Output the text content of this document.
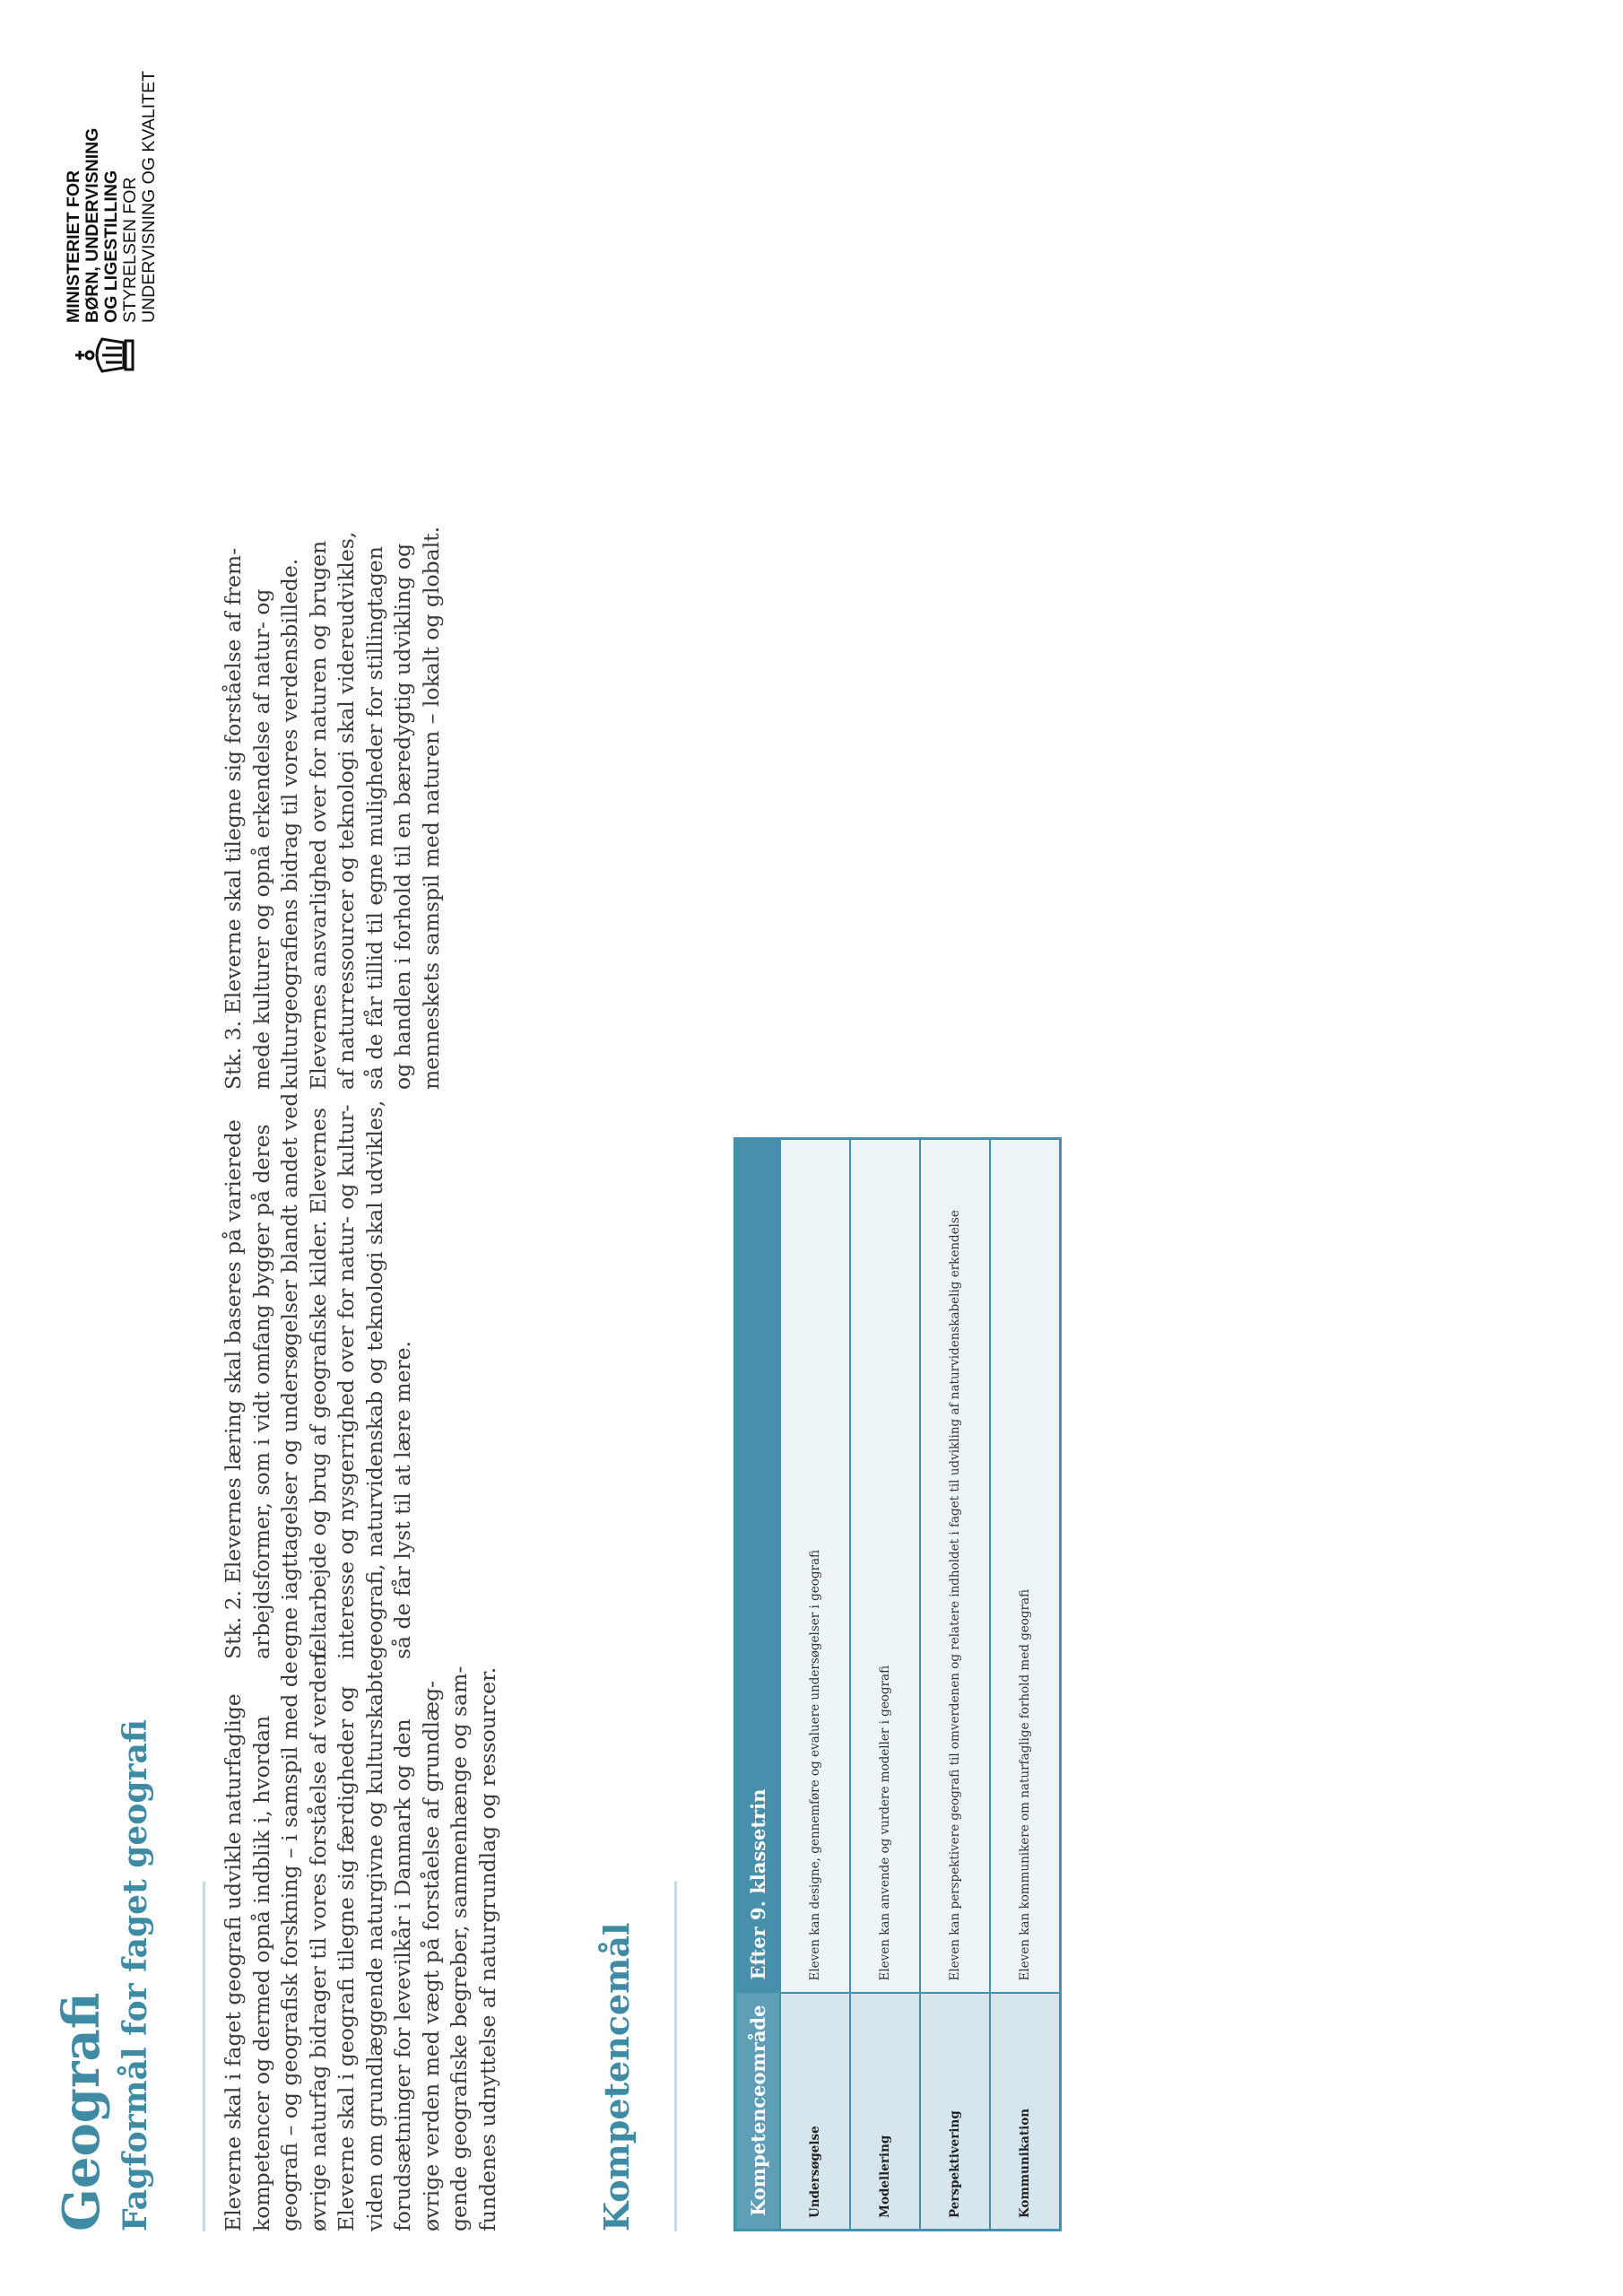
Geografi Fagformål for faget geografi	Eleverne skal i faget geografi udvikle naturfaglige kompetencer og dermed opnå indblik i, hvordan geografi – og geografisk forskning – i samspil med de øvrige naturfag bidrager til vores forståelse af verden. Eleverne skal i geografi tilegne sig færdigheder og viden om grundlæggende naturgivne og kulturskabte forudsætninger for levevilkår i Danmark og den øvrige verden med vægt på forståelse af grundlæg- gende geografiske begreber, sammenhænge og sam- fundenes udnyttelse af naturgrundlag og ressourcer.
Stk. 2. Elevernes læring skal baseres på varierede arbejdsformer, som i vidt omfang bygger på deres egne iagttagelser og undersøgelser blandt andet ved feltarbejde og brug af geografiske kilder. Elevernes interesse og nysgerrighed over for natur- og kultur- geografi, naturvidenskab og teknologi skal udvikles, så de får lyst til at lære mere.
Stk. 3. Eleverne skal tilegne sig forståelse af frem- mede kulturer og opnå erkendelse af natur- og kulturgeografiens bidrag til vores verdensbillede. Elevernes ansvarlighed over for naturen og brugen af naturressourcer og teknologi skal videreudvikles, så de får tillid til egne muligheder for stillingtagen og handlen i forhold til en bæredygtig udvikling og menneskets samspil med naturen – lokalt og globalt.
Kompetencemål	Kompetenceområde	Efter 9. klassetrin
Undersøgelse	Eleven kan designe, gennemføre og evaluere undersøgelser i geografi
Modellering	Eleven kan anvende og vurdere modeller i geografi
Perspektivering	Eleven kan perspektivere geografi til omverdenen og relatere indholdet i faget til udvikling af naturvidenskabelig erkendelse
Kommunikation	Eleven kan kommunikere om naturfaglige forhold med geografi
MINISTERIET FOR BØRN, UNDERVISNING OG LIGESTILLING STYRELSEN FOR UNDERVISNING OG KVALITET
